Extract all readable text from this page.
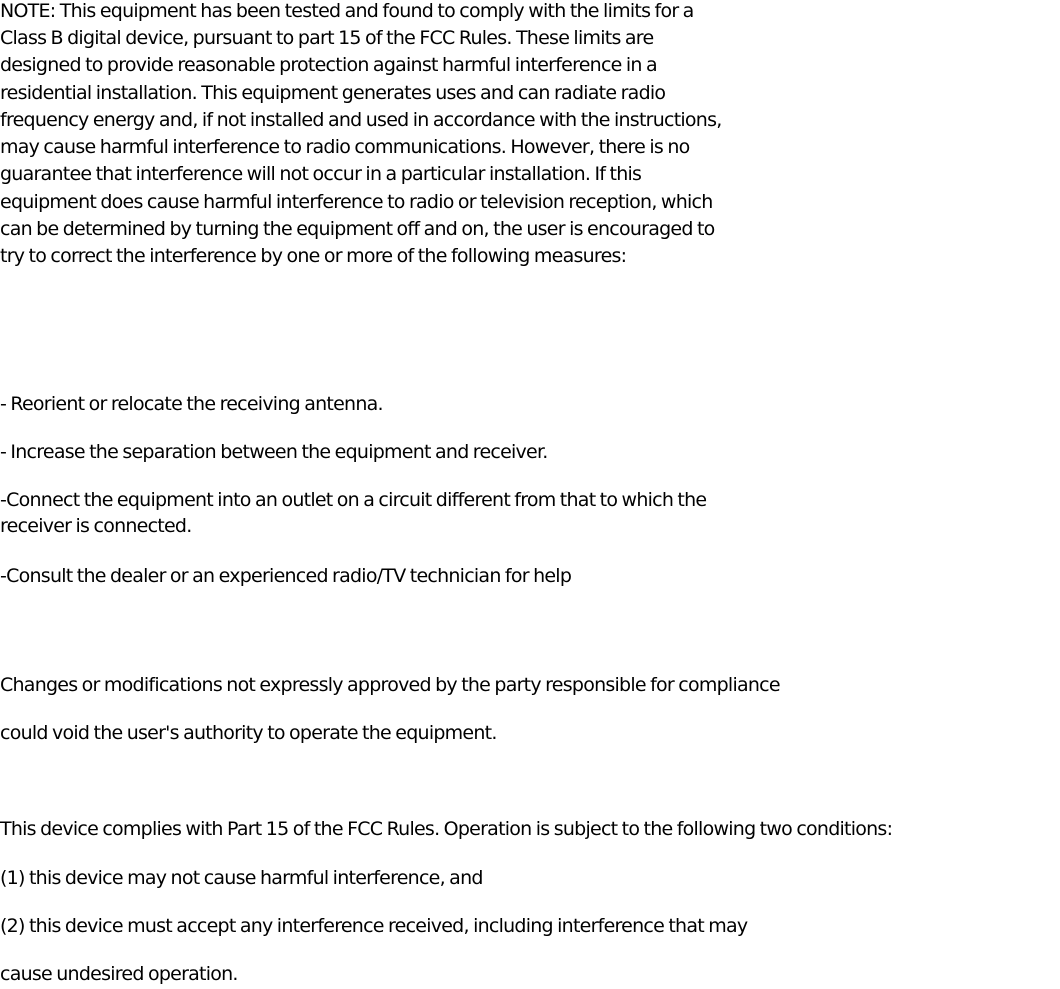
NOTE: This equipment has been tested and found to comply with the limits for a

Class B digital device, pursuant to part 15 of the FCC Rules. These limits are

designed to provide reasonable protection against harmful interference in a

residential installation. This equipment generates uses and can radiate radio

frequency energy and, if not installed and used in accordance with the instructions,

may cause harmful interference to radio communications. However, there is no

guarantee that interference will not occur in a particular installation. If this

equipment does cause harmful interference to radio or television reception, which

can be determined by turning the equipment off and on, the user is encouraged to

try to correct the interference by one or more of the following measures:

- Reorient or relocate the receiving antenna.

- Increase the separation between the equipment and receiver.

-Connect the equipment into an outlet on a circuit different from that to which the

receiver is connected.

-Consult the dealer or an experienced radio/TV technician for help

Changes or modifications not expressly approved by the party responsible for compliance

could void the user's authority to operate the equipment.

This device complies with Part 15 of the FCC Rules. Operation is subject to the following two conditions:

(1) this device may not cause harmful interference, and

(2) this device must accept any interference received, including interference that may

cause undesired operation.
